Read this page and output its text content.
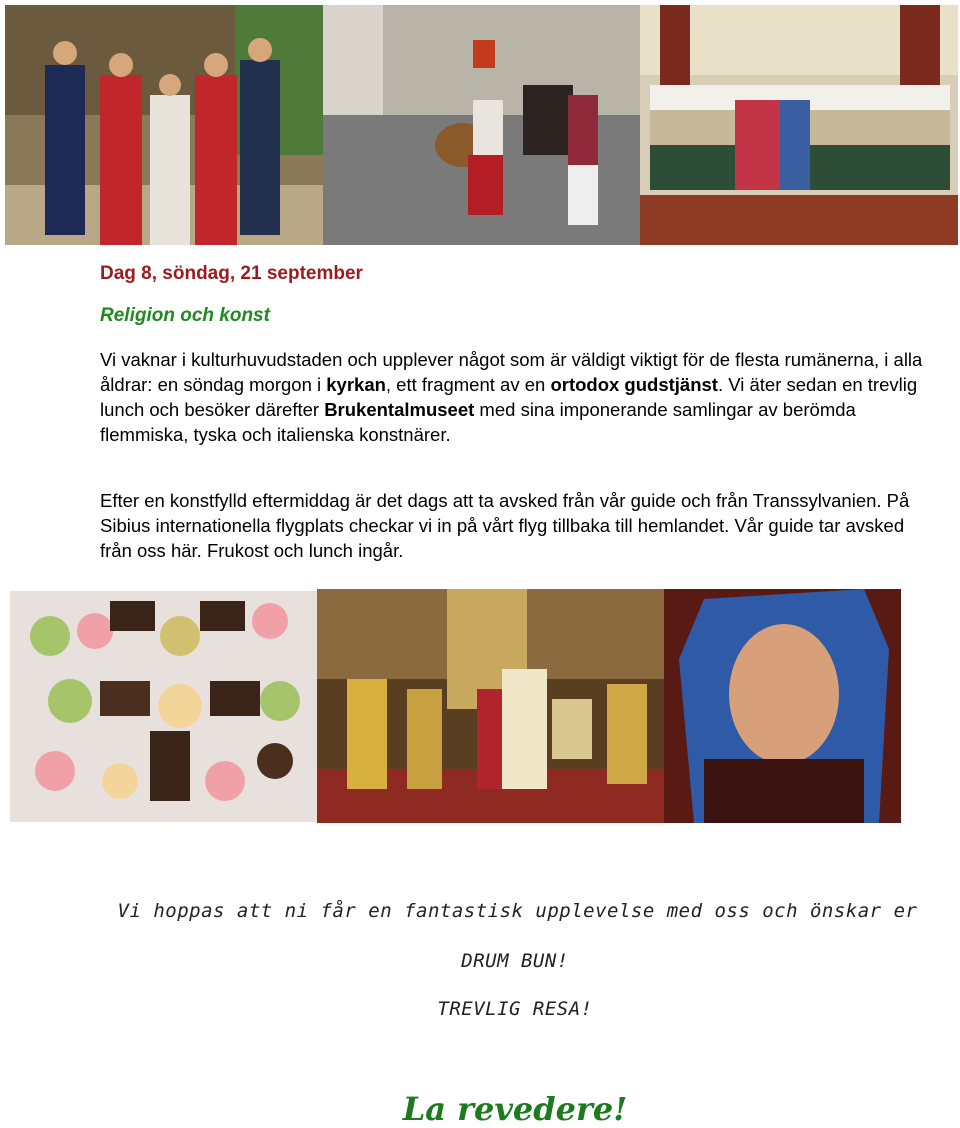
Dag 8, söndag, 21 september
Religion och konst

Vi vaknar i kulturhuvudstaden och upplever något som är väldigt viktigt för de flesta rumänerna, i alla åldrar: en söndag morgon i kyrkan, ett fragment av en ortodox gudstjänst. Vi äter sedan en trevlig lunch och besöker därefter Brukentalmuseet med sina imponerande samlingar av berömda flemmiska, tyska och italienska konstnärer.

Efter en konstfylld eftermiddag är det dags att ta avsked från vår guide och från Transsylvanien. På Sibius internationella flygplats checkar vi in på vårt flyg tillbaka till hemlandet. Vår guide tar avsked från oss här. Frukost och lunch ingår.

Vi hoppas att ni får en fantastisk upplevelse med oss och önskar er

DRUM BUN!

TREVLIG RESA!

La revedere!
